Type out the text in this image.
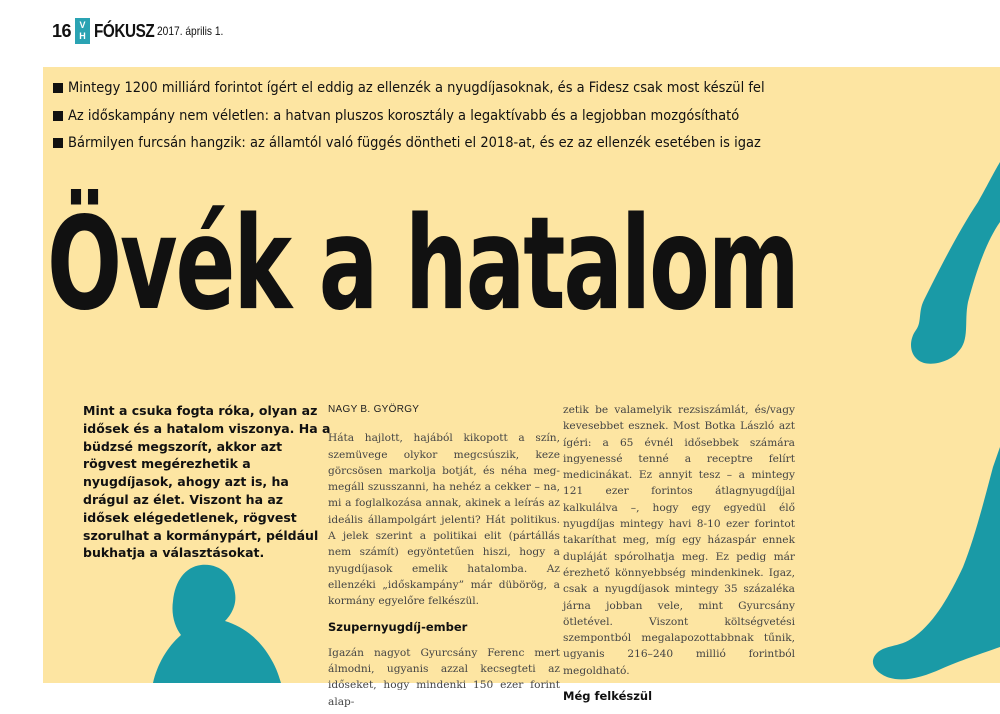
16 V
H FÓKUSZ 2017. április 1.
Mintegy 1200 milliárd forintot ígért el eddig az ellenzék a nyugdíjasoknak, és a Fidesz csak most készül fel
Az időskampány nem véletlen: a hatvan pluszos korosztály a legaktívabb és a legjobban mozgósítható
Bármilyen furcsán hangzik: az államtól való függés döntheti el 2018-at, és ez az ellenzék esetében is igaz
Övék a hatalom

Mint a csuka fogta róka, olyan az idősek és a hatalom viszonya. Ha a büdzsé megszorít, akkor azt rögvest megérezhetik a nyugdíjasok, ahogy azt is, ha drágul az élet. Viszont ha az idősek elégedetlenek, rögvest szorulhat a kormánypárt, például bukhatja a választásokat.

NAGY B. GYÖRGY

Háta hajlott, hajából kikopott a szín, szemüvege olykor megcsúszik, keze görcsösen markolja botját, és néha meg-megáll szusszanni, ha nehéz a cekker – na, mi a foglalkozása annak, akinek a leírás az ideális állampolgárt jelenti? Hát politikus. A jelek szerint a politikai elit (pártállás nem számít) egyöntetűen hiszi, hogy a nyugdíjasok emelik hatalomba. Az ellenzéki „időskampány” már dübörög, a kormány egyelőre felkészül.

Szupernyugdíj-ember

Igazán nagyot Gyurcsány Ferenc mert álmodni, ugyanis azzal kecsegteti az időseket, hogy mindenki 150 ezer forint alap-

zetik be valamelyik rezsiszámlát, és/vagy kevesebbet esznek. Most Botka László azt ígéri: a 65 évnél idősebbek számára ingyenessé tenné a receptre felírt medicinákat. Ez annyit tesz – a mintegy 121 ezer forintos átlagnyugdíjjal kalkulálva –, hogy egy egyedül élő nyugdíjas mintegy havi 8-10 ezer forintot takaríthat meg, míg egy házaspár ennek dupláját spórolhatja meg. Ez pedig már érezhető könnyebbség mindenkinek. Igaz, csak a nyugdíjasok mintegy 35 százaléka járna jobban vele, mint Gyurcsány ötletével. Viszont költségvetési szempontból megalapozottabbnak tűnik, ugyanis 216–240 millió forintból megoldható.

Még felkészül
